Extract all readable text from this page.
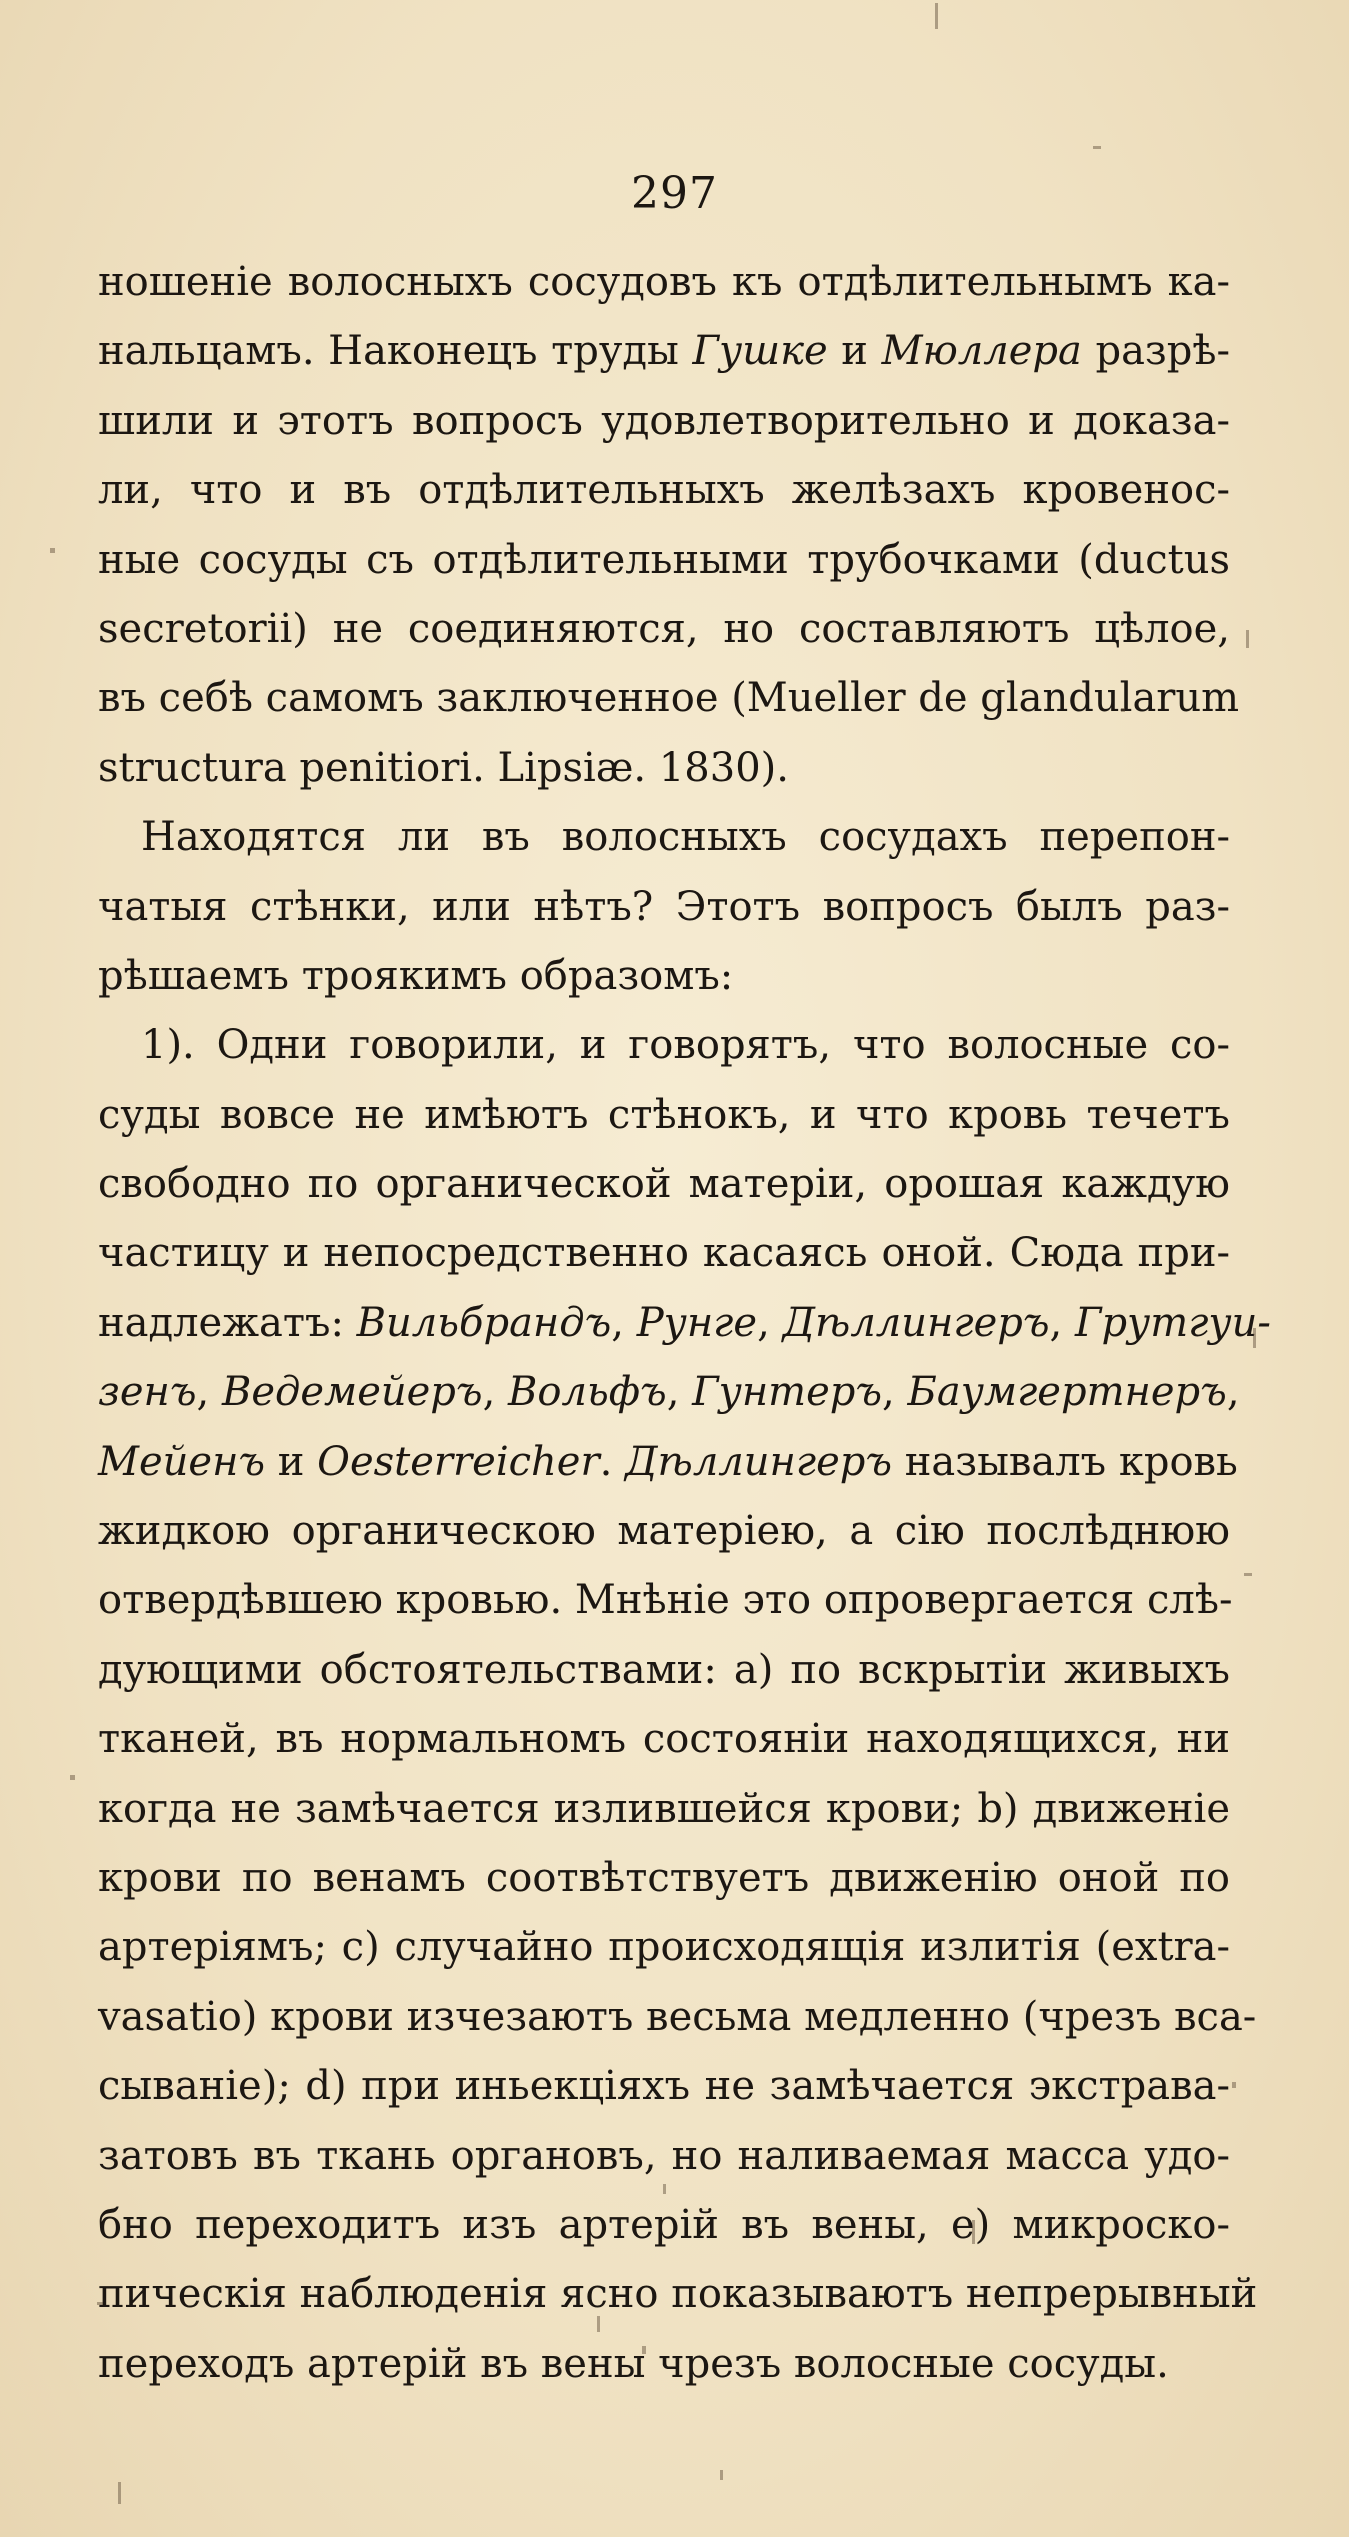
297
ношеніе волосныхъ сосудовъ къ отдѣлительнымъ ка-
нальцамъ. Наконецъ труды Гушке и Мюллера разрѣ-
шили и этотъ вопросъ удовлетворительно и доказа-
ли, что и въ отдѣлительныхъ желѣзахъ кровенос-
ные сосуды съ отдѣлительными трубочками (ductus
secretorii) не соединяются, но составляютъ цѣлое,
въ себѣ самомъ заключенное (Mueller de glandularum
structura penitiori. Lipsiæ. 1830).
Находятся ли въ волосныхъ сосудахъ перепон-
чатыя стѣнки, или нѣтъ? Этотъ вопросъ былъ раз-
рѣшаемъ троякимъ образомъ:
1). Одни говорили, и говорятъ, что волосные со-
суды вовсе не имѣютъ стѣнокъ, и что кровь течетъ
свободно по органической матеріи, орошая каждую
частицу и непосредственно касаясь оной. Сюда при-
надлежатъ: Вильбрандъ, Рунге, Дѣллингеръ, Грутгуи-
зенъ, Ведемейеръ, Вольфъ, Гунтеръ, Баумгертнеръ,
Мейенъ и Oesterreicher. Дѣллингеръ называлъ кровь
жидкою органическою матеріею, а сію послѣднюю
отвердѣвшею кровью. Мнѣніе это опровергается слѣ-
дующими обстоятельствами: a) по вскрытіи живыхъ
тканей, въ нормальномъ состояніи находящихся, ни
когда не замѣчается излившейся крови; b) движеніе
крови по венамъ соотвѣтствуетъ движенію оной по
артеріямъ; c) случайно происходящія излитія (extra-
vasatio) крови изчезаютъ весьма медленно (чрезъ вса-
сываніе); d) при иньекціяхъ не замѣчается экстрава-
затовъ въ ткань органовъ, но наливаемая масса удо-
бно переходитъ изъ артерій въ вены, e) микроско-
пическія наблюденія ясно показываютъ непрерывный
переходъ артерій въ вены чрезъ волосные сосуды.
